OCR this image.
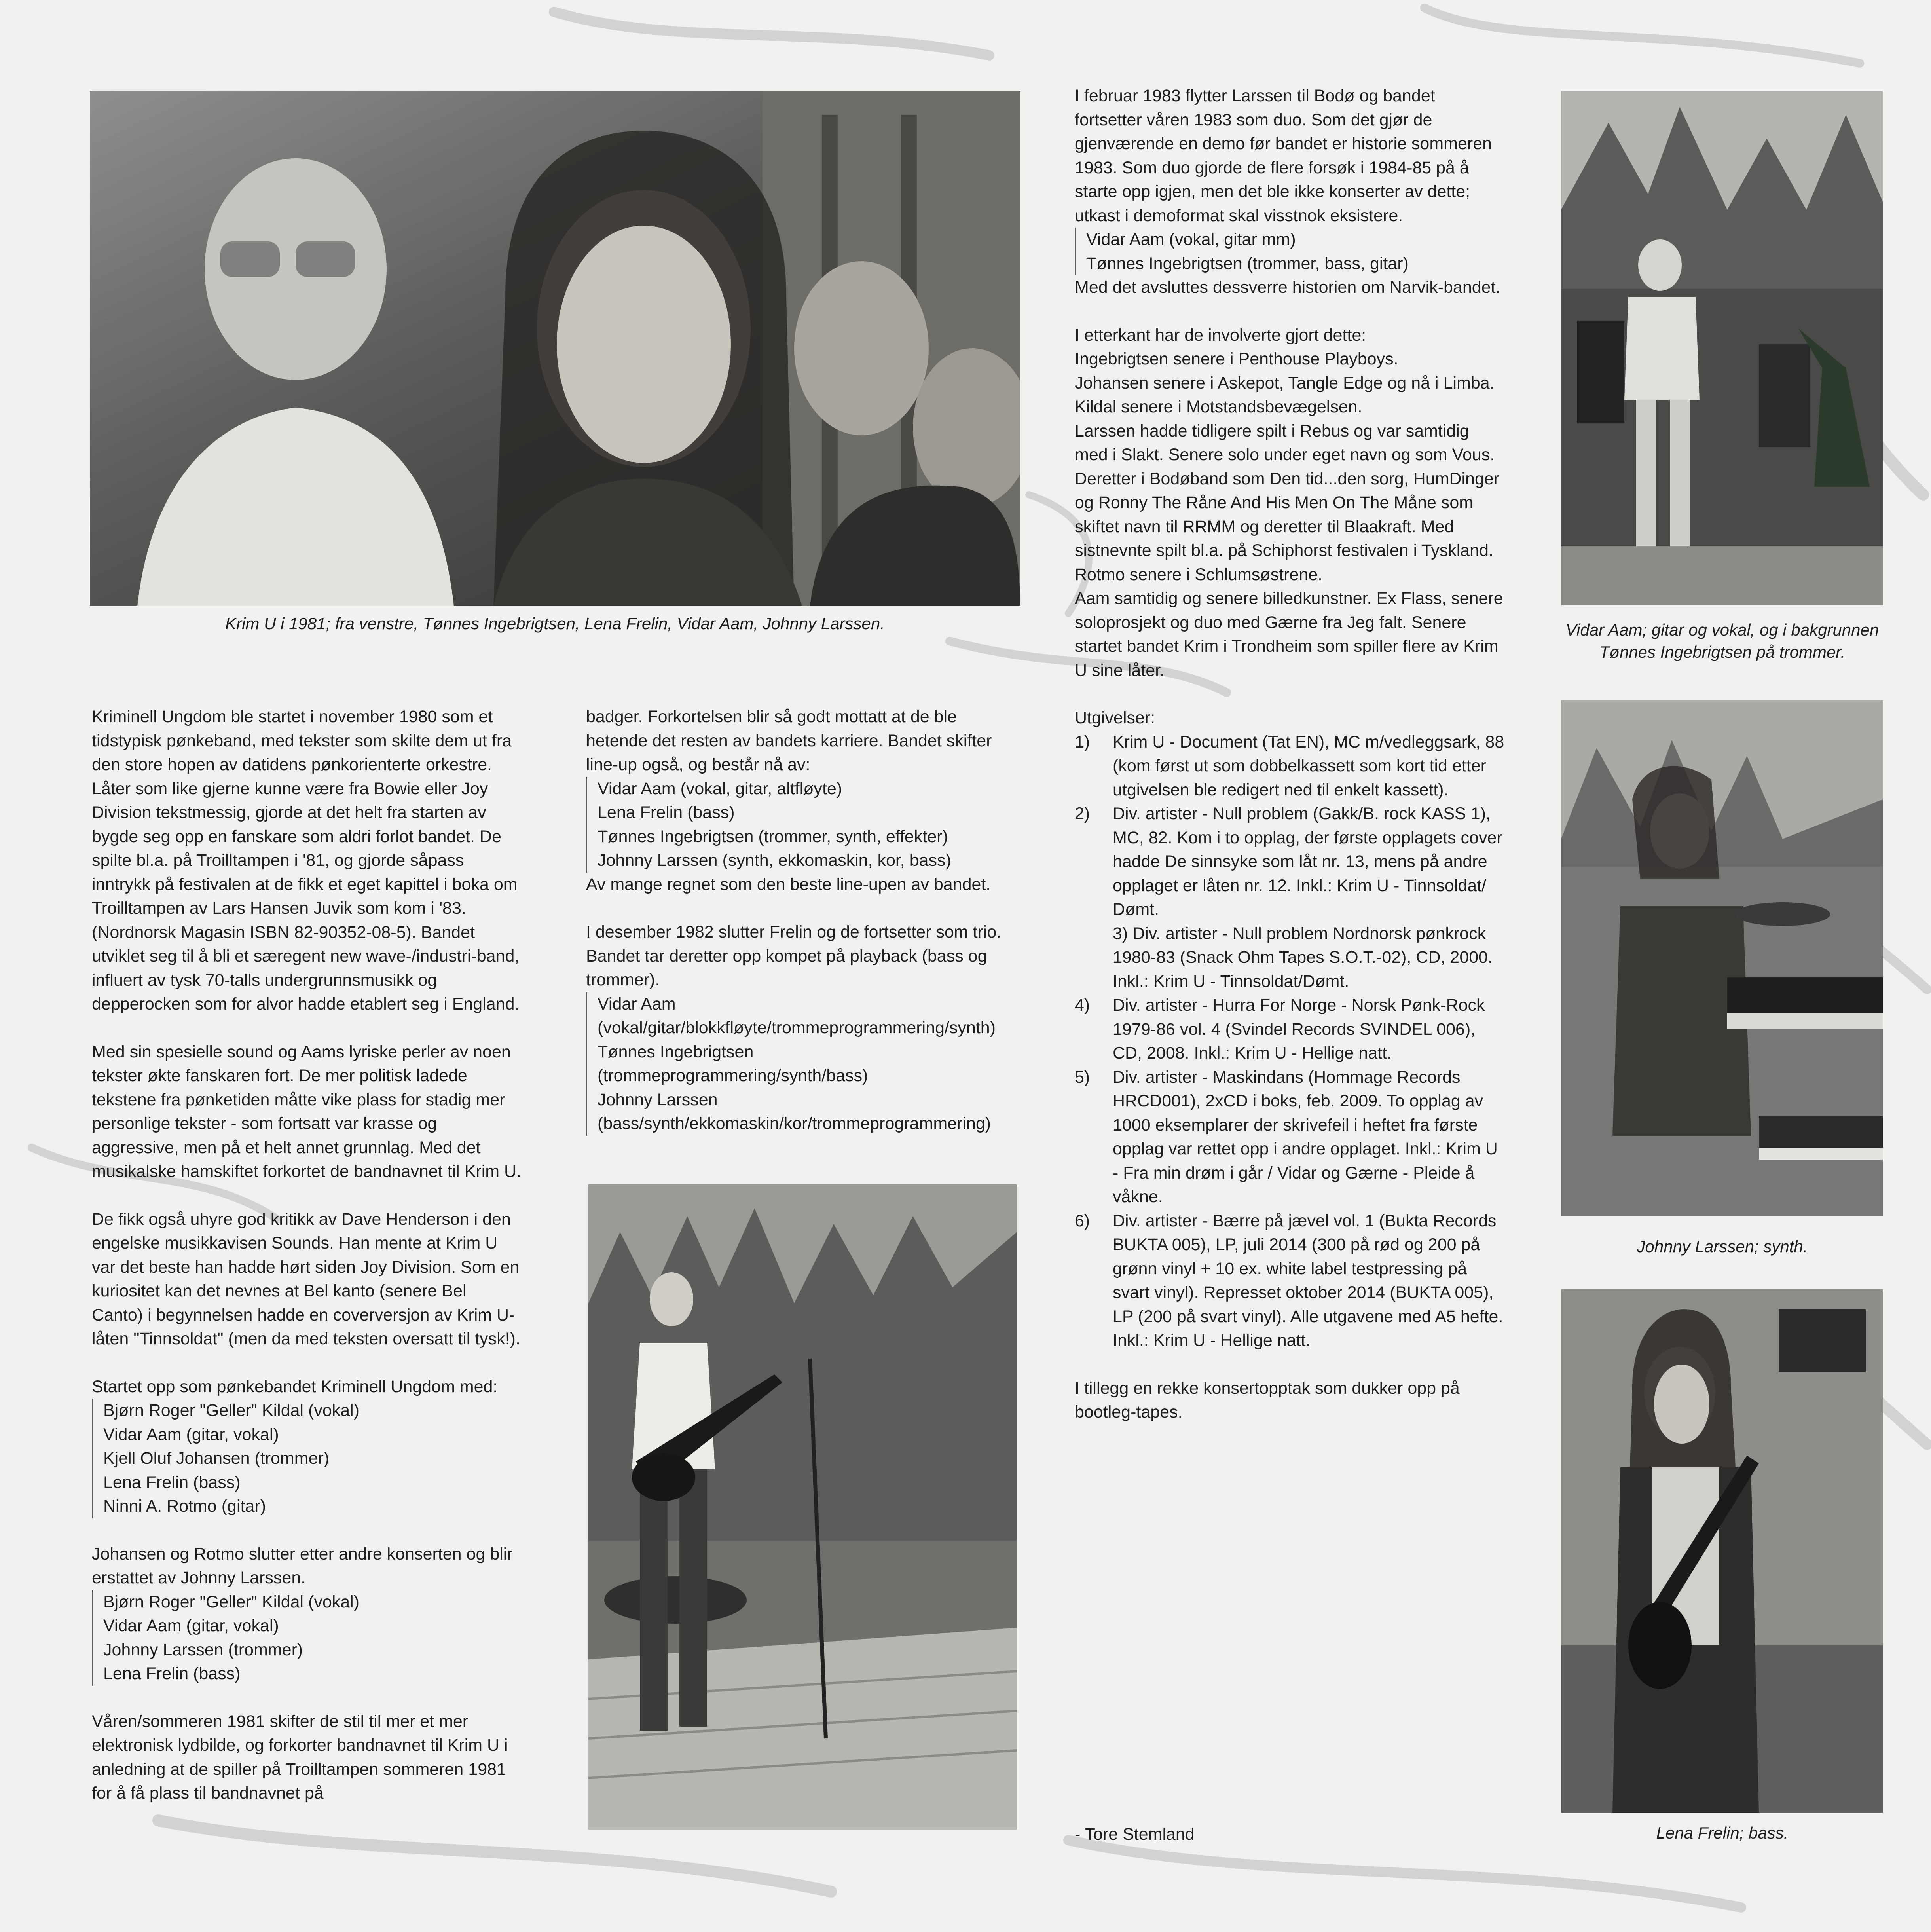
Krim U i 1981; fra venstre, Tønnes Ingebrigtsen, Lena Frelin, Vidar Aam, Johnny Larssen.	Vidar Aam; gitar og vokal, og i bakgrunnen Tønnes Ingebrigtsen på trommer.

Johnny Larssen; synth.

Lena Frelin; bass.

Kriminell Ungdom ble startet i november 1980 som et tidstypisk pønkeband, med tekster som skilte dem ut fra den store hopen av datidens pønkorienterte orkestre. Låter som like gjerne kunne være fra Bowie eller Joy Division tekstmessig, gjorde at det helt fra starten av bygde seg opp en fanskare som aldri forlot bandet. De spilte bl.a. på Troilltampen i '81, og gjorde såpass inntrykk på festivalen at de fikk et eget kapittel i boka om Troilltampen av Lars Hansen Juvik som kom i '83. (Nordnorsk Magasin ISBN 82-90352-08-5). Bandet utviklet seg til å bli et særegent new wave-/industri-band, influert av tysk 70-talls undergrunnsmusikk og depperocken som for alvor hadde etablert seg i England.

Med sin spesielle sound og Aams lyriske perler av noen tekster økte fanskaren fort. De mer politisk ladede tekstene fra pønketiden måtte vike plass for stadig mer personlige tekster - som fortsatt var krasse og aggressive, men på et helt annet grunnlag. Med det musikalske hamskiftet forkortet de bandnavnet til Krim U.

De fikk også uhyre god kritikk av Dave Henderson i den engelske musikkavisen Sounds. Han mente at Krim U var det beste han hadde hørt siden Joy Division. Som en kuriositet kan det nevnes at Bel kanto (senere Bel Canto) i begynnelsen hadde en coverversjon av Krim U-låten "Tinnsoldat" (men da med teksten oversatt til tysk!).

Startet opp som pønkebandet Kriminell Ungdom med:
Bjørn Roger "Geller" Kildal (vokal)
Vidar Aam (gitar, vokal)
Kjell Oluf Johansen (trommer)
Lena Frelin (bass)
Ninni A. Rotmo (gitar)

Johansen og Rotmo slutter etter andre konserten og blir erstattet av Johnny Larssen.
Bjørn Roger "Geller" Kildal (vokal)
Vidar Aam (gitar, vokal)
Johnny Larssen (trommer)
Lena Frelin (bass)

Våren/sommeren 1981 skifter de stil til mer et mer elektronisk lydbilde, og forkorter bandnavnet til Krim U i anledning at de spiller på Troilltampen sommeren 1981 for å få plass til bandnavnet på

badger. Forkortelsen blir så godt mottatt at de ble hetende det resten av bandets karriere. Bandet skifter line-up også, og består nå av:
Vidar Aam (vokal, gitar, altfløyte)
Lena Frelin (bass)
Tønnes Ingebrigtsen (trommer, synth, effekter)
Johnny Larssen (synth, ekkomaskin, kor, bass)
Av mange regnet som den beste line-upen av bandet.

I desember 1982 slutter Frelin og de fortsetter som trio. Bandet tar deretter opp kompet på playback (bass og trommer).
Vidar Aam (vokal/gitar/blokkfløyte/trommeprogrammering/synth)
Tønnes Ingebrigtsen (trommeprogrammering/synth/bass)
Johnny Larssen (bass/synth/ekkomaskin/kor/trommeprogrammering)

I februar 1983 flytter Larssen til Bodø og bandet fortsetter våren 1983 som duo. Som det gjør de gjenværende en demo før bandet er historie sommeren 1983. Som duo gjorde de flere forsøk i 1984-85 på å starte opp igjen, men det ble ikke konserter av dette; utkast i demoformat skal visstnok eksistere.
Vidar Aam (vokal, gitar mm)
Tønnes Ingebrigtsen (trommer, bass, gitar)
Med det avsluttes dessverre historien om Narvik-bandet.

I etterkant har de involverte gjort dette:
Ingebrigtsen senere i Penthouse Playboys.
Johansen senere i Askepot, Tangle Edge og nå i Limba.
Kildal senere i Motstandsbevægelsen.
Larssen hadde tidligere spilt i Rebus og var samtidig med i Slakt. Senere solo under eget navn og som Vous. Deretter i Bodøband som Den tid...den sorg, HumDinger og Ronny The Råne And His Men On The Måne som skiftet navn til RRMM og deretter til Blaakraft. Med sistnevnte spilt bl.a. på Schiphorst festivalen i Tyskland.
Rotmo senere i Schlumsøstrene.
Aam samtidig og senere billedkunstner. Ex Flass, senere soloprosjekt og duo med Gærne fra Jeg falt. Senere startet bandet Krim i Trondheim som spiller flere av Krim U sine låter.

Utgivelser:
1) Krim U - Document (Tat EN), MC m/vedleggsark, 88 (kom først ut som dobbelkassett som kort tid etter utgivelsen ble redigert ned til enkelt kassett).
2) Div. artister - Null problem (Gakk/B. rock KASS 1), MC, 82. Kom i to opplag, der første opplagets cover hadde De sinnsyke som låt nr. 13, mens på andre opplaget er låten nr. 12. Inkl.: Krim U - Tinnsoldat/ Dømt.
3) Div. artister - Null problem Nordnorsk pønkrock 1980-83 (Snack Ohm Tapes S.O.T.-02), CD, 2000. Inkl.: Krim U - Tinnsoldat/Dømt.
4) Div. artister - Hurra For Norge - Norsk Pønk-Rock 1979-86 vol. 4 (Svindel Records SVINDEL 006), CD, 2008. Inkl.: Krim U - Hellige natt.
5) Div. artister - Maskindans (Hommage Records HRCD001), 2xCD i boks, feb. 2009. To opplag av 1000 eksemplarer der skrivefeil i heftet fra første opplag var rettet opp i andre opplaget. Inkl.: Krim U - Fra min drøm i går / Vidar og Gærne - Pleide å våkne.
6) Div. artister - Bærre på jævel vol. 1 (Bukta Records BUKTA 005), LP, juli 2014 (300 på rød og 200 på grønn vinyl + 10 ex. white label testpressing på svart vinyl). Represset oktober 2014 (BUKTA 005), LP (200 på svart vinyl). Alle utgavene med A5 hefte. Inkl.: Krim U - Hellige natt.

I tillegg en rekke konsertopptak som dukker opp på bootleg-tapes.

- Tore Stemland
